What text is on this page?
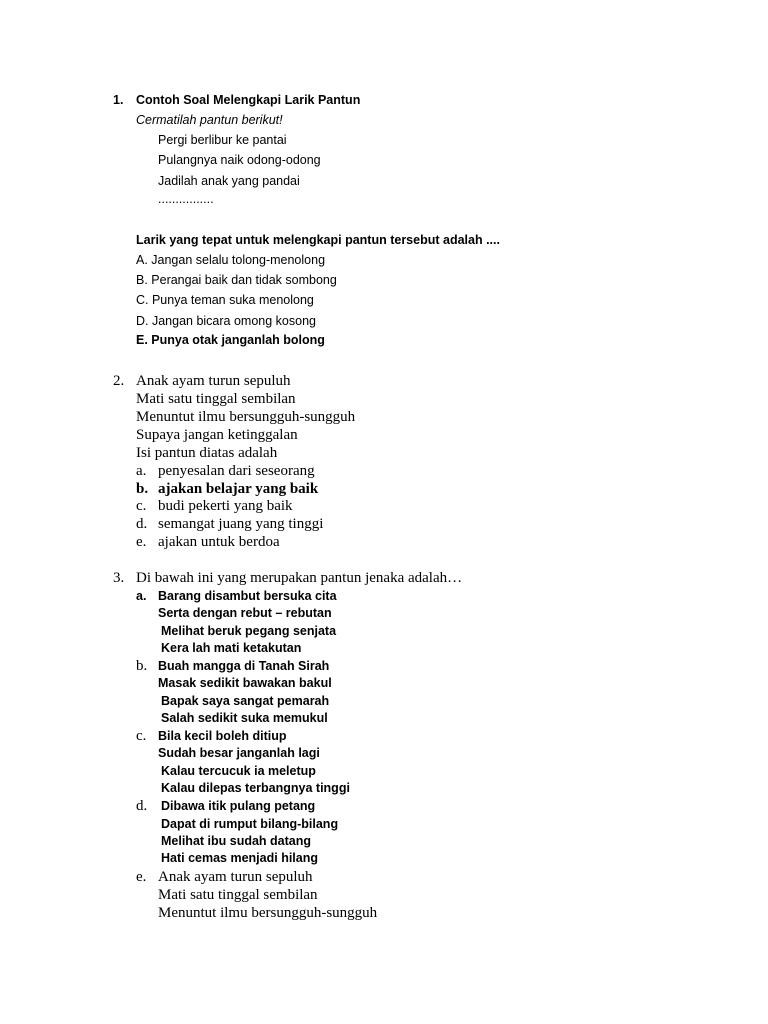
1. Contoh Soal Melengkapi Larik Pantun
Cermatilah pantun berikut!
Pergi berlibur ke pantai
Pulangnya naik odong-odong
Jadilah anak yang pandai
................
Larik yang tepat untuk melengkapi pantun tersebut adalah ....
A. Jangan selalu tolong-menolong
B. Perangai baik dan tidak sombong
C. Punya teman suka menolong
D. Jangan bicara omong kosong
E. Punya otak janganlah bolong
2. Anak ayam turun sepuluh
Mati satu tinggal sembilan
Menuntut ilmu bersungguh-sungguh
Supaya jangan ketinggalan
Isi pantun diatas adalah
a. penyesalan dari seseorang
b. ajakan belajar yang baik
c. budi pekerti yang baik
d. semangat juang yang tinggi
e. ajakan untuk berdoa
3. Di bawah ini yang merupakan pantun jenaka adalah…
a. Barang disambut bersuka cita
Serta dengan rebut – rebutan
Melihat beruk pegang senjata
Kera lah mati ketakutan
b. Buah mangga di Tanah Sirah
Masak sedikit bawakan bakul
Bapak saya sangat pemarah
Salah sedikit suka memukul
c. Bila kecil boleh ditiup
Sudah besar janganlah lagi
Kalau tercucuk ia meletup
Kalau dilepas terbangnya tinggi
d. Dibawa itik pulang petang
Dapat di rumput bilang-bilang
Melihat ibu sudah datang
Hati cemas menjadi hilang
e. Anak ayam turun sepuluh
Mati satu tinggal sembilan
Menuntut ilmu bersungguh-sungguh
